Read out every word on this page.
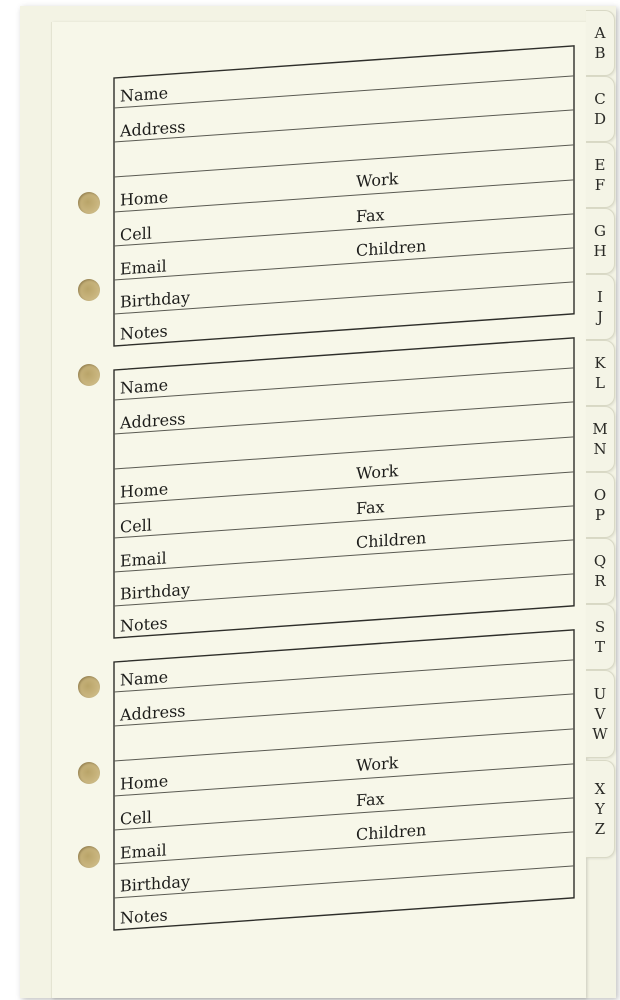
Name
Address
Work
Home
Fax
Cell
Email
Children
Birthday
Notes
Name
Address
Work
Home
Fax
Cell
Email
Children
Birthday
Notes
Name
Address
Work
Home
Fax
Cell
Email
Children
Birthday
Notes
A
B
C
D
E
F
G
H
I
J
K
L
M
N
O
P
Q
R
S
T
U
V
W
X
Y
Z
